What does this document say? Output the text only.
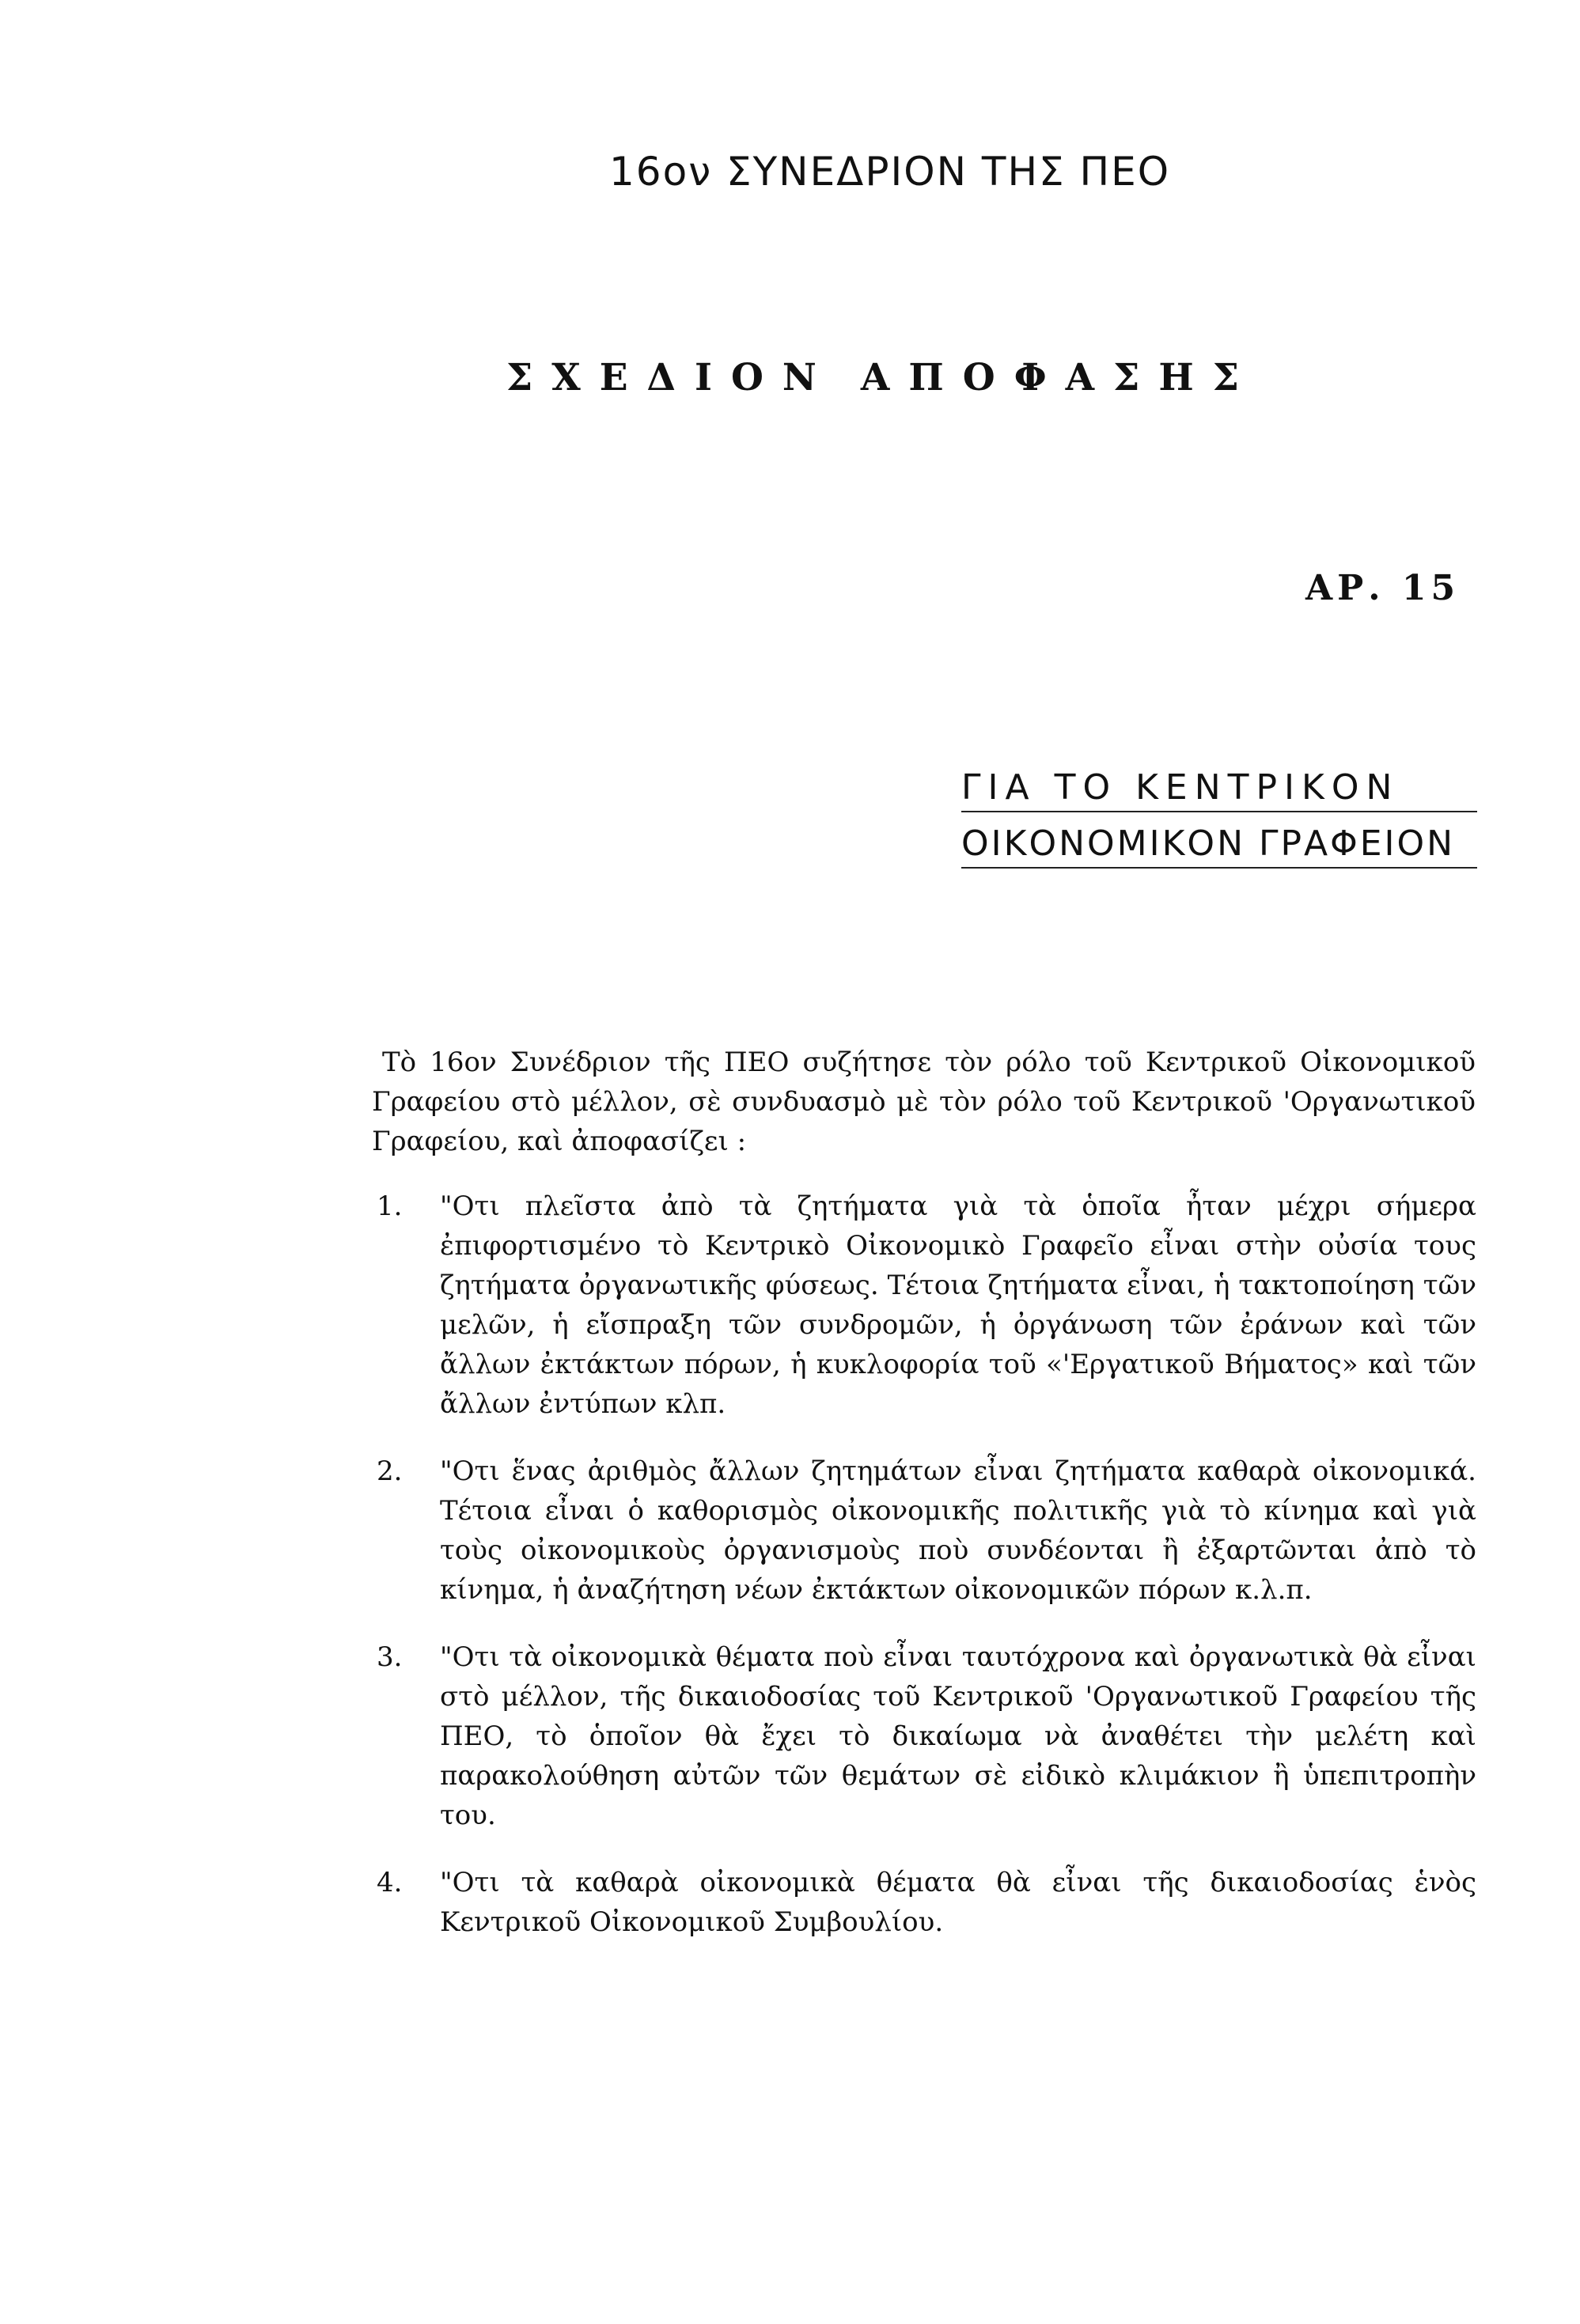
16ον ΣΥΝΕΔΡΙΟΝ ΤΗΣ ΠΕΟ
ΣΧΕΔΙΟΝ ΑΠΟΦΑΣΗΣ
ΑΡ. 15
ΓΙΑ ΤΟ ΚΕΝΤΡΙΚΟΝ
ΟΙΚΟΝΟΜΙΚΟΝ ΓΡΑΦΕΙΟΝ

Τὸ 16ον Συνέδριον τῆς ΠΕΟ συζήτησε τὸν ρόλο τοῦ Κεντρικοῦ Οἰκονομικοῦ Γραφείου στὸ μέλλον, σὲ συνδυασμὸ μὲ τὸν ρόλο τοῦ Κεντρικοῦ 'Οργανωτικοῦ Γραφείου, καὶ ἀποφασίζει :

1.	"Οτι πλεῖστα ἀπὸ τὰ ζητήματα γιὰ τὰ ὁποῖα ἦταν μέχρι σήμερα ἐπιφορτισμένο τὸ Κεντρικὸ Οἰκονομικὸ Γραφεῖο εἶναι στὴν οὐσία τους ζητήματα ὀργανωτικῆς φύσεως. Τέτοια ζητήματα εἶναι, ἡ τακτοποίηση τῶν μελῶν, ἡ εἴσπραξη τῶν συνδρομῶν, ἡ ὀργάνωση τῶν ἐράνων καὶ τῶν ἄλλων ἐκτάκτων πόρων, ἡ κυκλοφορία τοῦ «'Εργατικοῦ Βήματος» καὶ τῶν ἄλλων ἐντύπων κλπ.
2.	"Οτι ἕνας ἀριθμὸς ἄλλων ζητημάτων εἶναι ζητήματα καθαρὰ οἰκονομικά. Τέτοια εἶναι ὁ καθορισμὸς οἰκονομικῆς πολιτικῆς γιὰ τὸ κίνημα καὶ γιὰ τοὺς οἰκονομικοὺς ὀργανισμοὺς ποὺ συνδέονται ἢ ἐξαρτῶνται ἀπὸ τὸ κίνημα, ἡ ἀναζήτηση νέων ἐκτάκτων οἰκονομικῶν πόρων κ.λ.π.
3.	"Οτι τὰ οἰκονομικὰ θέματα ποὺ εἶναι ταυτόχρονα καὶ ὀργανωτικὰ θὰ εἶναι στὸ μέλλον, τῆς δικαιοδοσίας τοῦ Κεντρικοῦ 'Οργανωτικοῦ Γραφείου τῆς ΠΕΟ, τὸ ὁποῖον θὰ ἔχει τὸ δικαίωμα νὰ ἀναθέτει τὴν μελέτη καὶ παρακολούθηση αὐτῶν τῶν θεμάτων σὲ εἰδικὸ κλιμάκιον ἢ ὑπεπιτροπὴν του.
4.	"Οτι τὰ καθαρὰ οἰκονομικὰ θέματα θὰ εἶναι τῆς δικαιοδοσίας ἑνὸς Κεντρικοῦ Οἰκονομικοῦ Συμβουλίου.
